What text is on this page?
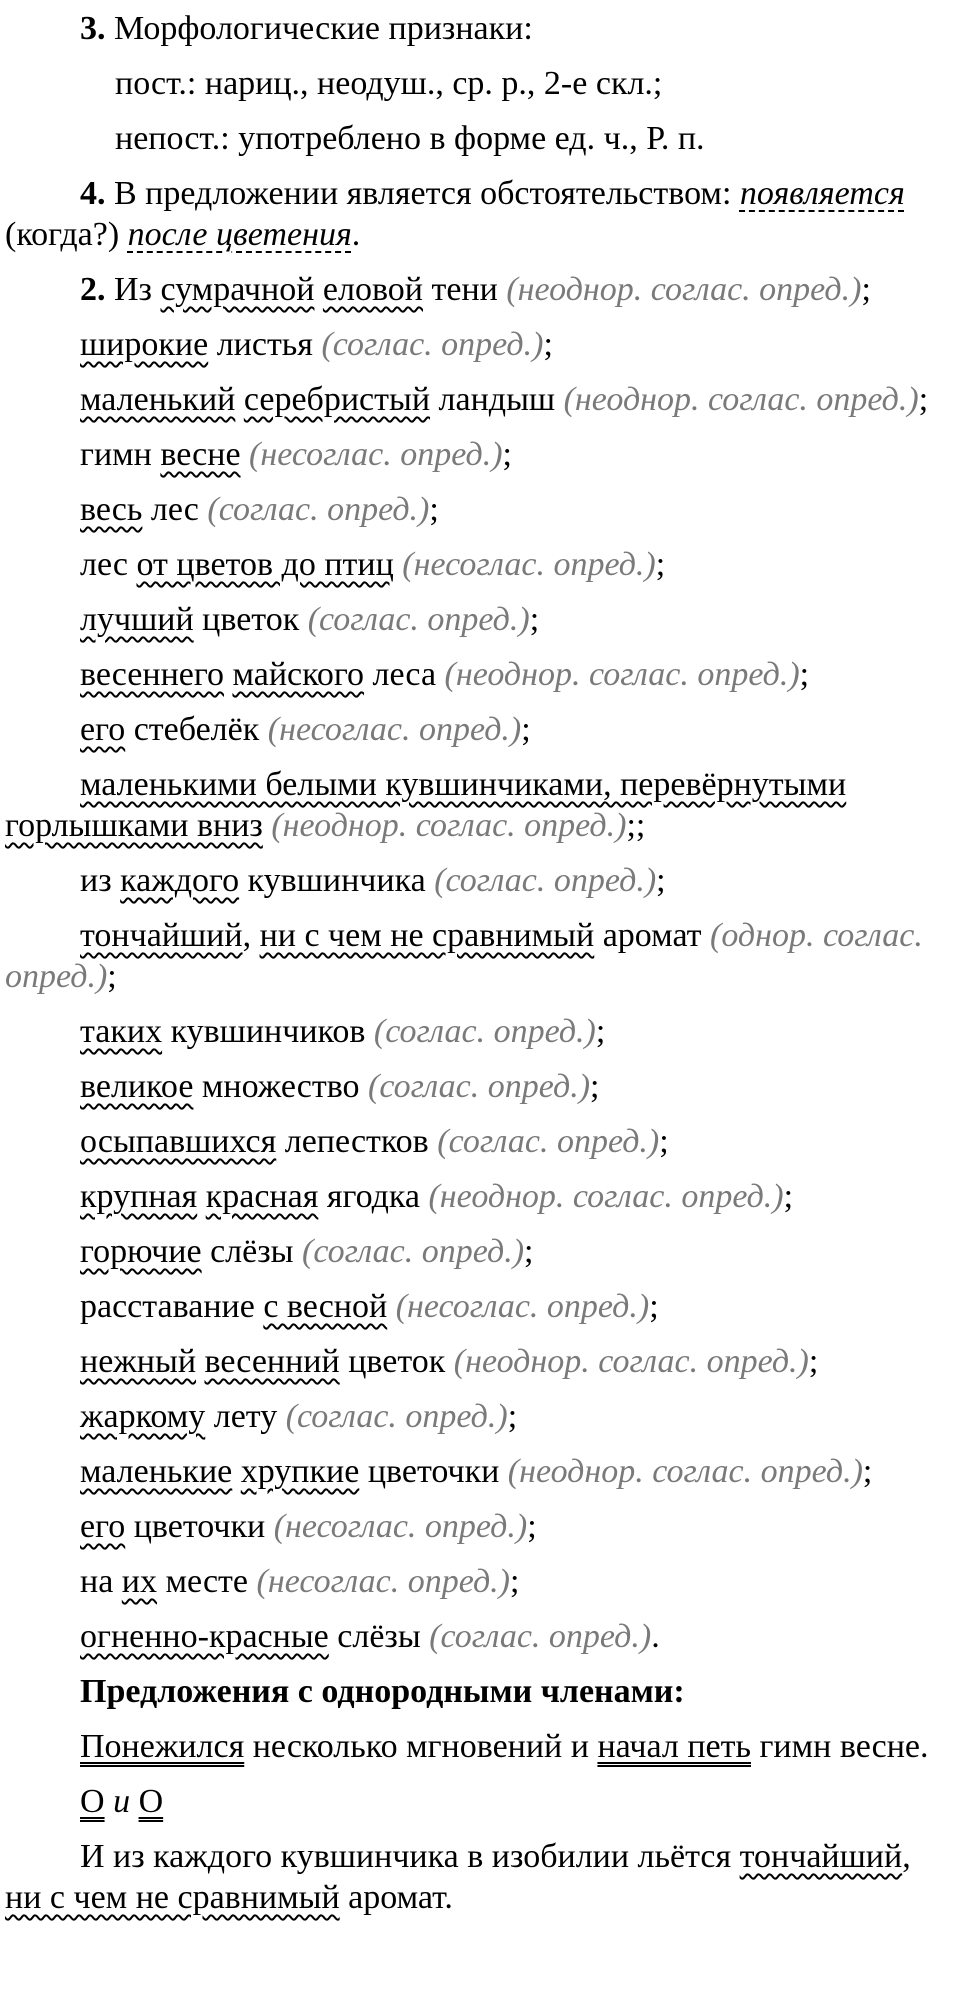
3. Морфологические признаки:

пост.: нариц., неодуш., ср. р., 2-е скл.;

непост.: употреблено в форме ед. ч., Р. п.

4. В предложении является обстоятельством: появляется (когда?) после цветения.

2. Из сумрачной еловой тени (неоднор. соглас. опред.);

широкие листья (соглас. опред.);

маленький серебристый ландыш (неоднор. соглас. опред.);

гимн весне (несоглас. опред.);

весь лес (соглас. опред.);

лес от цветов до птиц (несоглас. опред.);

лучший цветок (соглас. опред.);

весеннего майского леса (неоднор. соглас. опред.);

его стебелёк (несоглас. опред.);

маленькими белыми кувшинчиками, перевёрнутыми горлышками вниз (неоднор. соглас. опред.);;

из каждого кувшинчика (соглас. опред.);

тончайший, ни с чем не сравнимый аромат (однор. соглас. опред.);

таких кувшинчиков (соглас. опред.);

великое множество (соглас. опред.);

осыпавшихся лепестков (соглас. опред.);

крупная красная ягодка (неоднор. соглас. опред.);

горючие слёзы (соглас. опред.);

расставание с весной (несоглас. опред.);

нежный весенний цветок (неоднор. соглас. опред.);

жаркому лету (соглас. опред.);

маленькие хрупкие цветочки (неоднор. соглас. опред.);

его цветочки (несоглас. опред.);

на их месте (несоглас. опред.);

огненно-красные слёзы (соглас. опред.).

Предложения с однородными членами:

Понежился несколько мгновений и начал петь гимн весне.

О и О

И из каждого кувшинчика в изобилии льётся тончайший, ни с чем не сравнимый аромат.
